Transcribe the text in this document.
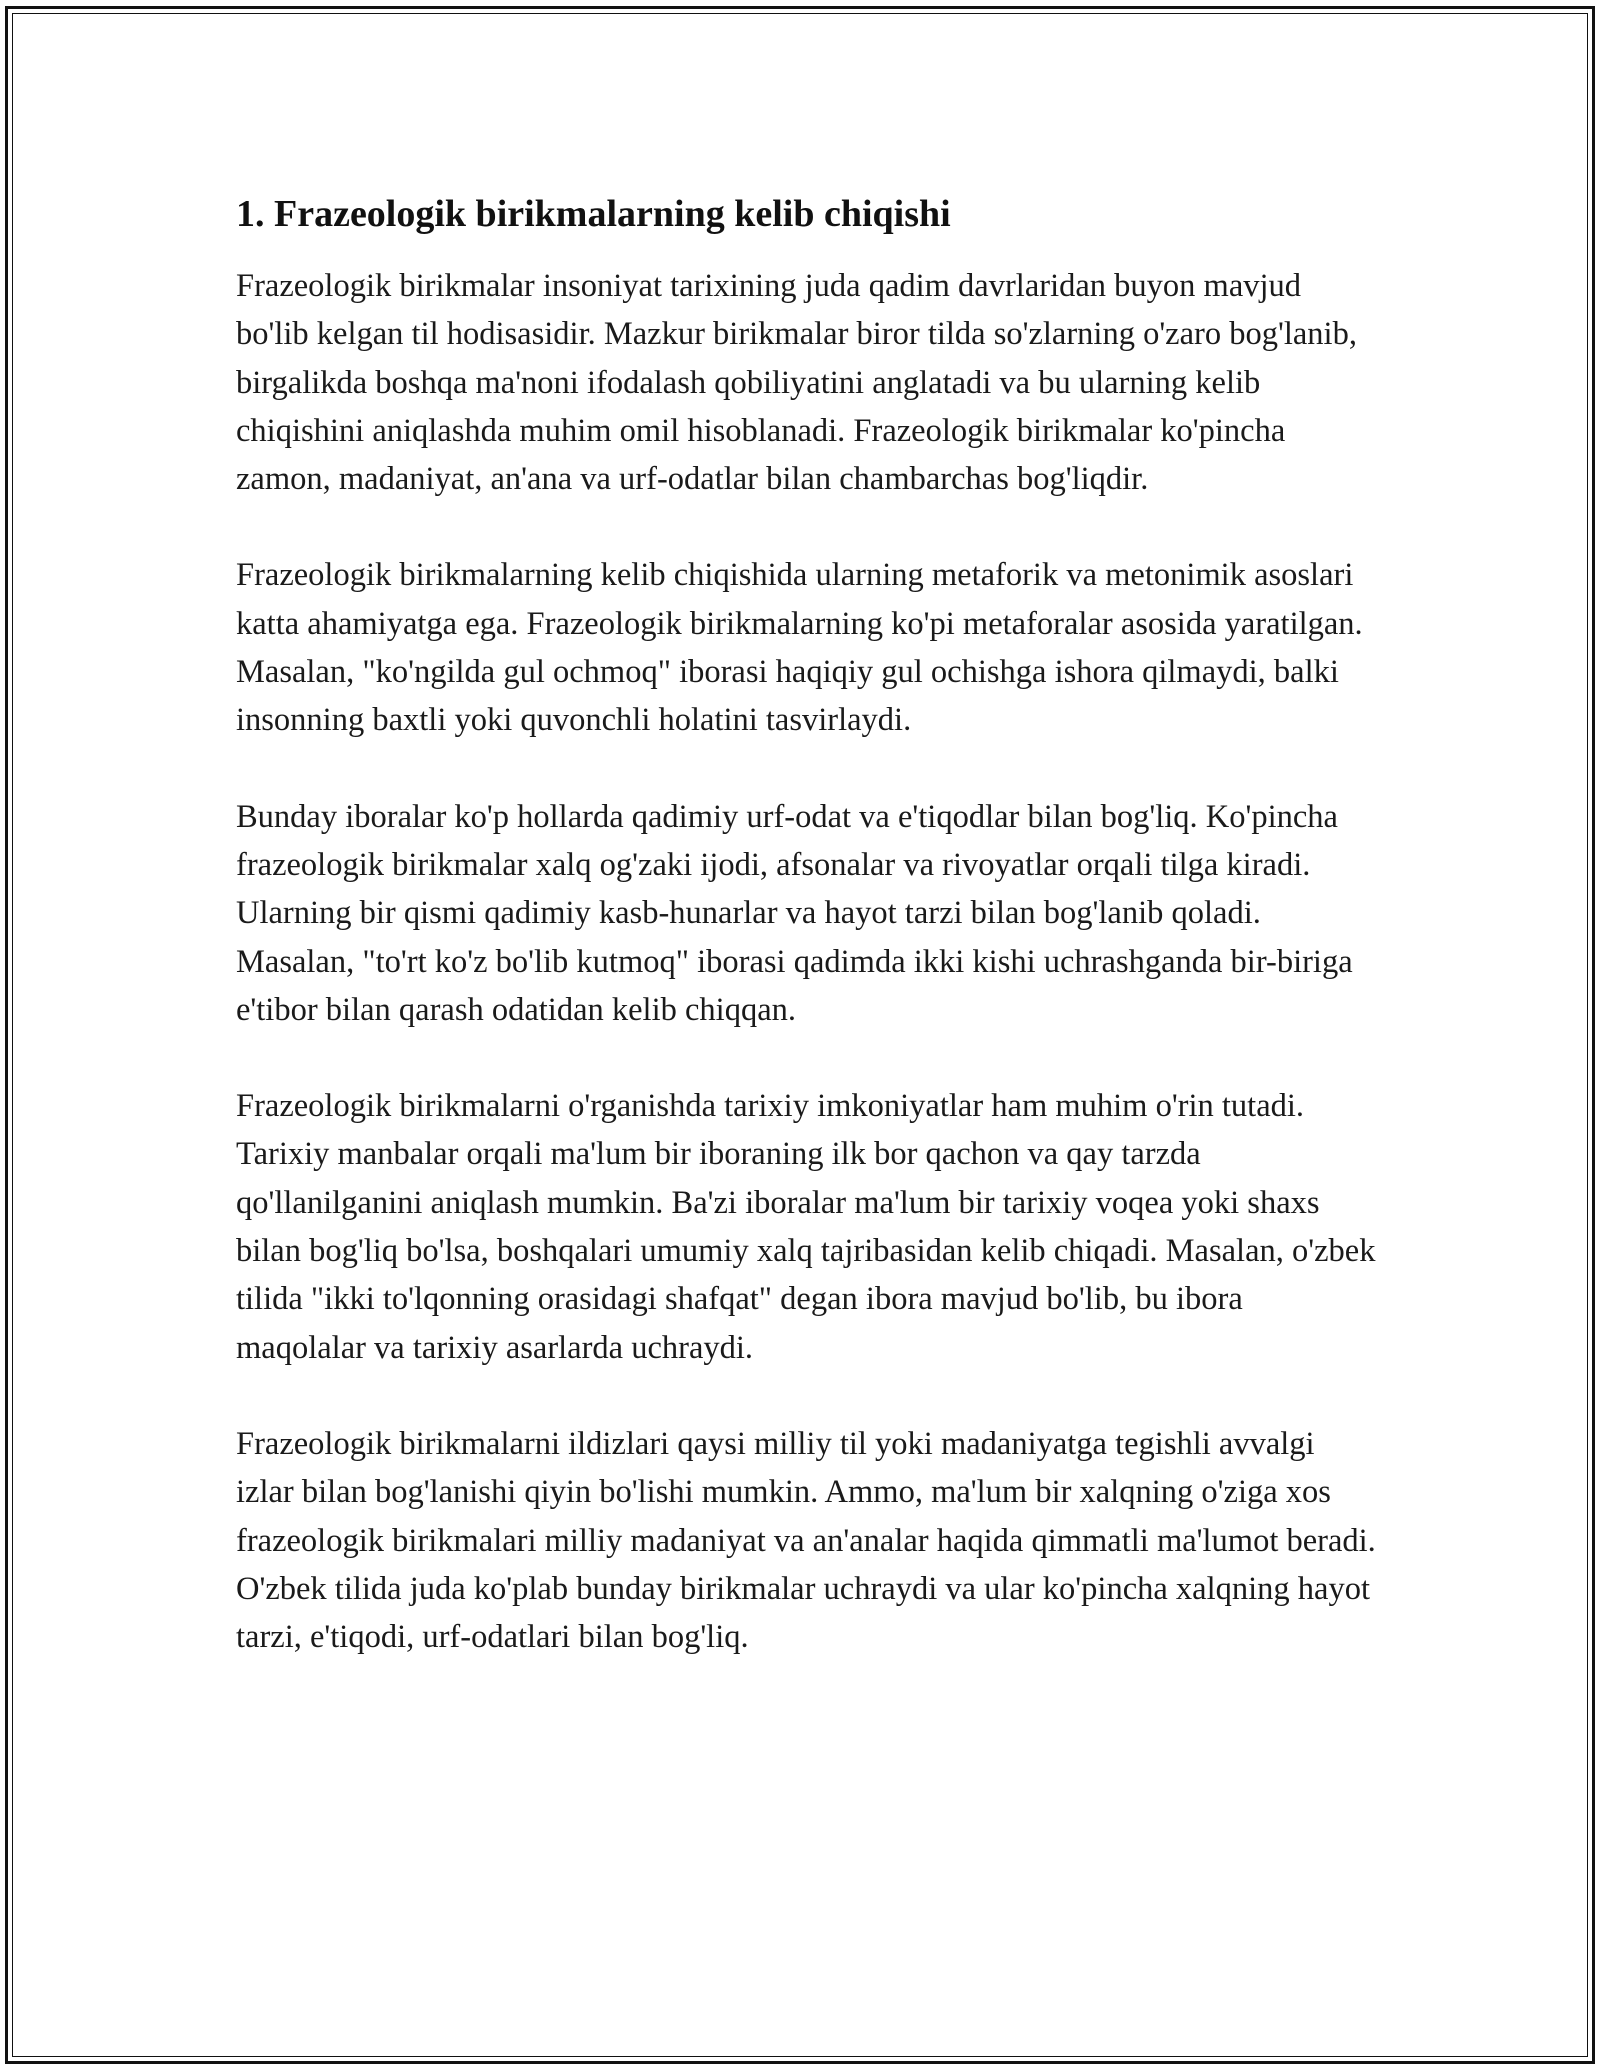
1. Frazeologik birikmalarning kelib chiqishi

Frazeologik birikmalar insoniyat tarixining juda qadim davrlaridan buyon mavjud bo'lib kelgan til hodisasidir. Mazkur birikmalar biror tilda so'zlarning o'zaro bog'lanib, birgalikda boshqa ma'noni ifodalash qobiliyatini anglatadi va bu ularning kelib chiqishini aniqlashda muhim omil hisoblanadi. Frazeologik birikmalar ko'pincha zamon, madaniyat, an'ana va urf-odatlar bilan chambarchas bog'liqdir.

Frazeologik birikmalarning kelib chiqishida ularning metaforik va metonimik asoslari katta ahamiyatga ega. Frazeologik birikmalarning ko'pi metaforalar asosida yaratilgan. Masalan, "ko'ngilda gul ochmoq" iborasi haqiqiy gul ochishga ishora qilmaydi, balki insonning baxtli yoki quvonchli holatini tasvirlaydi.

Bunday iboralar ko'p hollarda qadimiy urf-odat va e'tiqodlar bilan bog'liq. Ko'pincha frazeologik birikmalar xalq og'zaki ijodi, afsonalar va rivoyatlar orqali tilga kiradi. Ularning bir qismi qadimiy kasb-hunarlar va hayot tarzi bilan bog'lanib qoladi. Masalan, "to'rt ko'z bo'lib kutmoq" iborasi qadimda ikki kishi uchrashganda bir-biriga e'tibor bilan qarash odatidan kelib chiqqan.

Frazeologik birikmalarni o'rganishda tarixiy imkoniyatlar ham muhim o'rin tutadi. Tarixiy manbalar orqali ma'lum bir iboraning ilk bor qachon va qay tarzda qo'llanilganini aniqlash mumkin. Ba'zi iboralar ma'lum bir tarixiy voqea yoki shaxs bilan bog'liq bo'lsa, boshqalari umumiy xalq tajribasidan kelib chiqadi. Masalan, o'zbek tilida "ikki to'lqonning orasidagi shafqat" degan ibora mavjud bo'lib, bu ibora maqolalar va tarixiy asarlarda uchraydi.

Frazeologik birikmalarni ildizlari qaysi milliy til yoki madaniyatga tegishli avvalgi izlar bilan bog'lanishi qiyin bo'lishi mumkin. Ammo, ma'lum bir xalqning o'ziga xos frazeologik birikmalari milliy madaniyat va an'analar haqida qimmatli ma'lumot beradi. O'zbek tilida juda ko'plab bunday birikmalar uchraydi va ular ko'pincha xalqning hayot tarzi, e'tiqodi, urf-odatlari bilan bog'liq.
